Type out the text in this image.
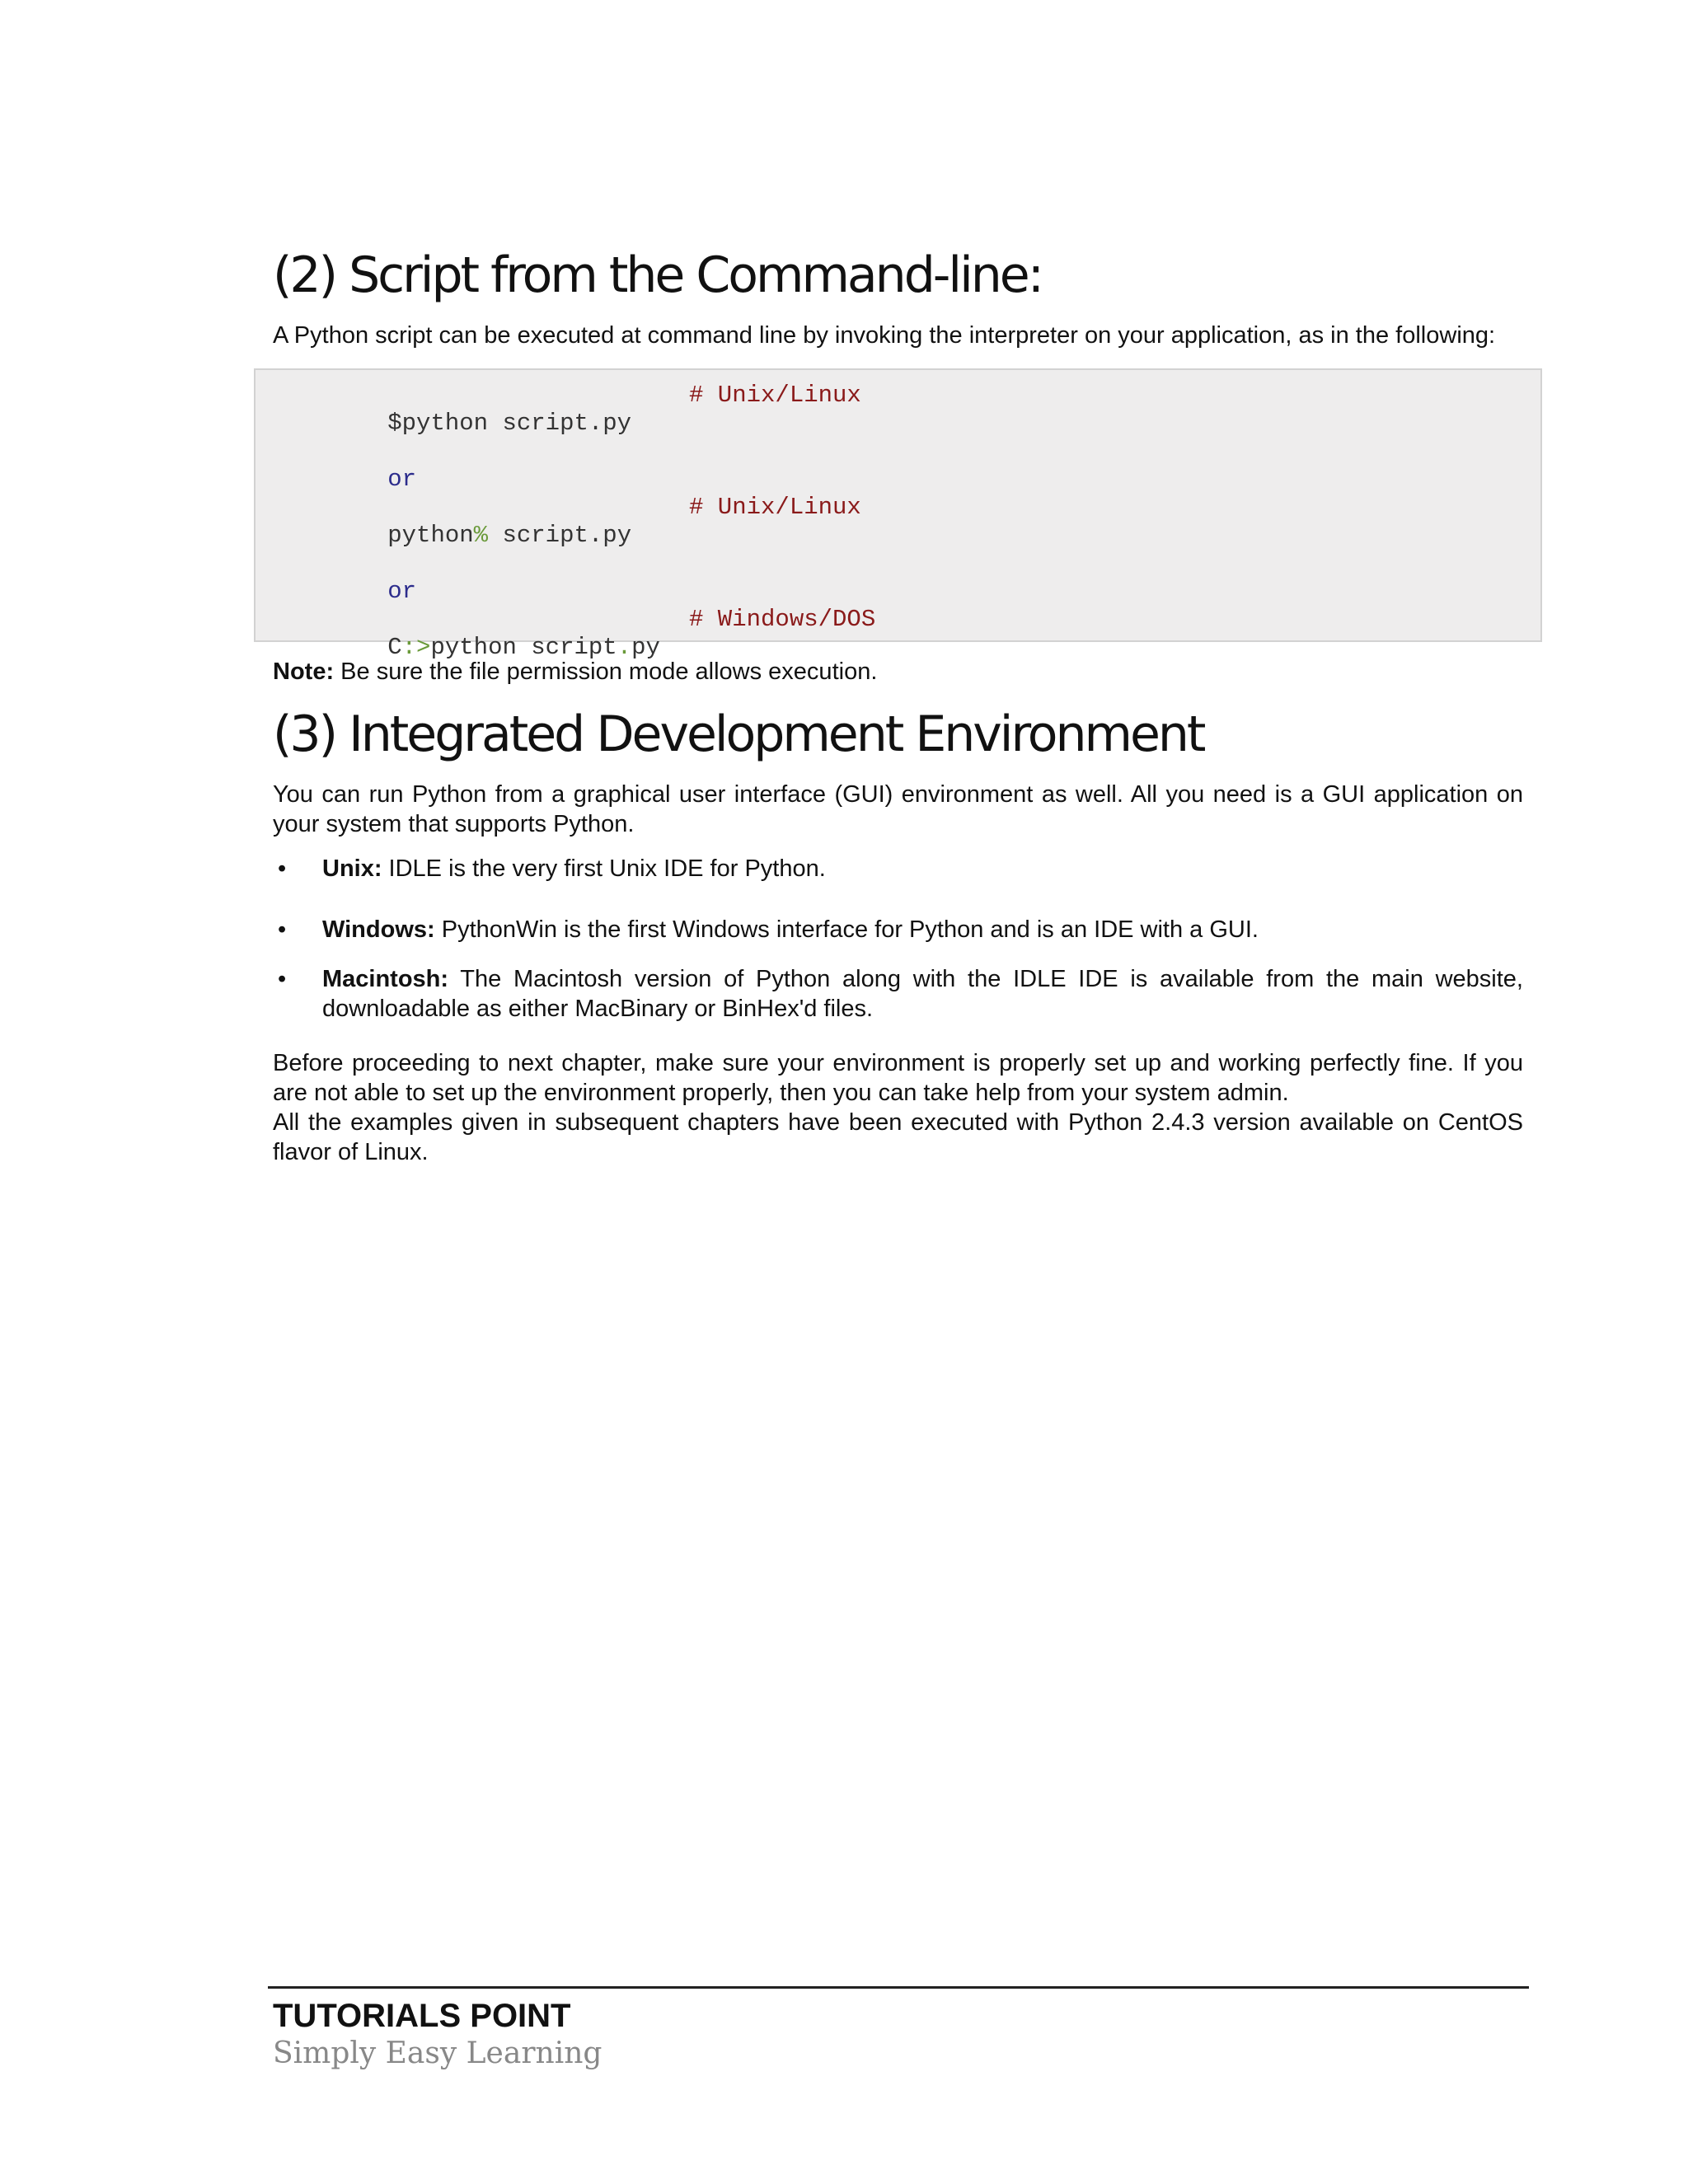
(2) Script from the Command-line:

A Python script can be executed at command line by invoking the interpreter on your application, as in the following:

$python script.py
# Unix/Linux

or

python% script.py
# Unix/Linux

or

C:>python script.py
# Windows/DOS

Note: Be sure the file permission mode allows execution.

(3) Integrated Development Environment

You can run Python from a graphical user interface (GUI) environment as well. All you need is a GUI application on your system that supports Python.

• Unix: IDLE is the very first Unix IDE for Python.
• Windows: PythonWin is the first Windows interface for Python and is an IDE with a GUI.
• Macintosh: The Macintosh version of Python along with the IDLE IDE is available from the main website, downloadable as either MacBinary or BinHex'd files.

Before proceeding to next chapter, make sure your environment is properly set up and working perfectly fine. If you are not able to set up the environment properly, then you can take help from your system admin.

All the examples given in subsequent chapters have been executed with Python 2.4.3 version available on CentOS flavor of Linux.

TUTORIALS POINT
Simply Easy Learning
